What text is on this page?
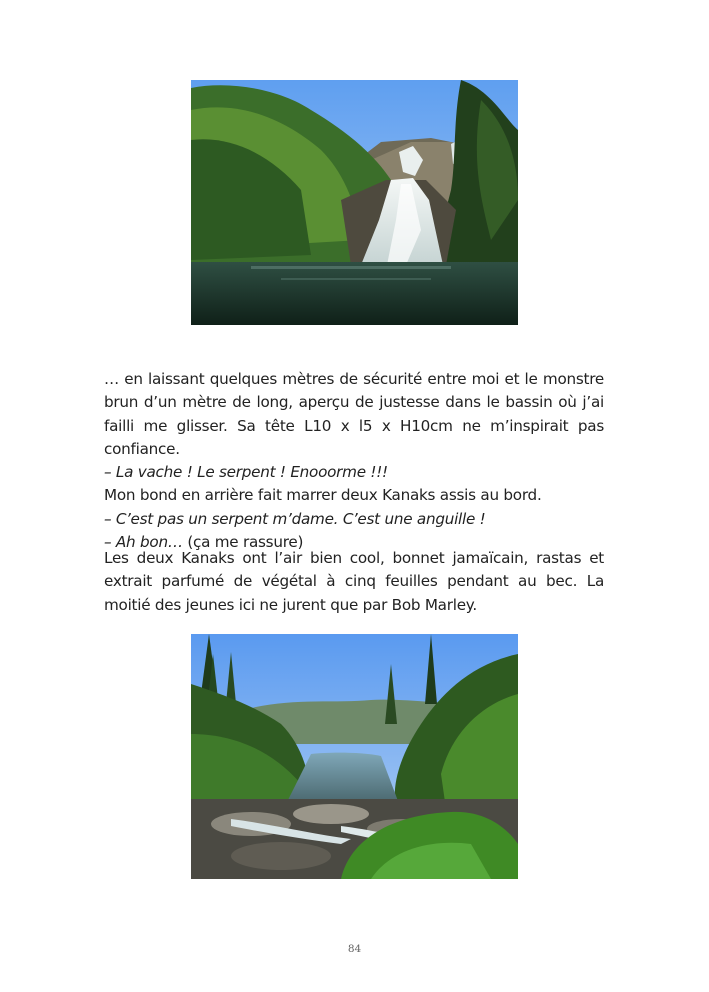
… en laissant quelques mètres de sécurité entre moi et le monstre brun d’un mètre de long, aperçu de justesse dans le bassin où j’ai failli me glisser. Sa tête L10 x l5 x H10cm ne m’inspirait pas confiance.

– La vache ! Le serpent ! Enooorme !!!

Mon bond en arrière fait marrer deux Kanaks assis au bord.

– C’est pas un serpent m’dame. C’est une anguille !

– Ah bon… (ça me rassure)

Les deux Kanaks ont l’air bien cool, bonnet jamaïcain, rastas et extrait parfumé de végétal à cinq feuilles pendant au bec. La moitié des jeunes ici ne jurent que par Bob Marley.

84
